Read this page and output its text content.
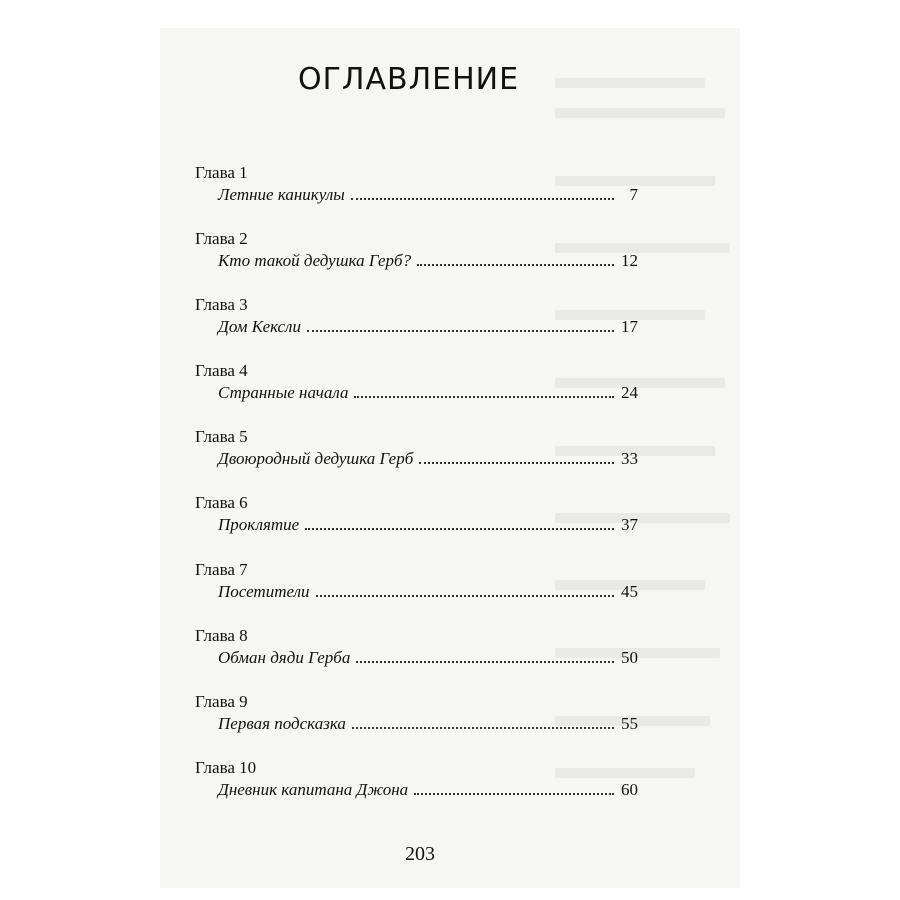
ОГЛАВЛЕНИЕ
Глава 1
Летние каникулы	7
Глава 2
Кто такой дедушка Герб?	12
Глава 3
Дом Кексли	17
Глава 4
Странные начала	24
Глава 5
Двоюродный дедушка Герб	33
Глава 6
Проклятие	37
Глава 7
Посетители	45
Глава 8
Обман дяди Герба	50
Глава 9
Первая подсказка	55
Глава 10
Дневник капитана Джона	60
203
